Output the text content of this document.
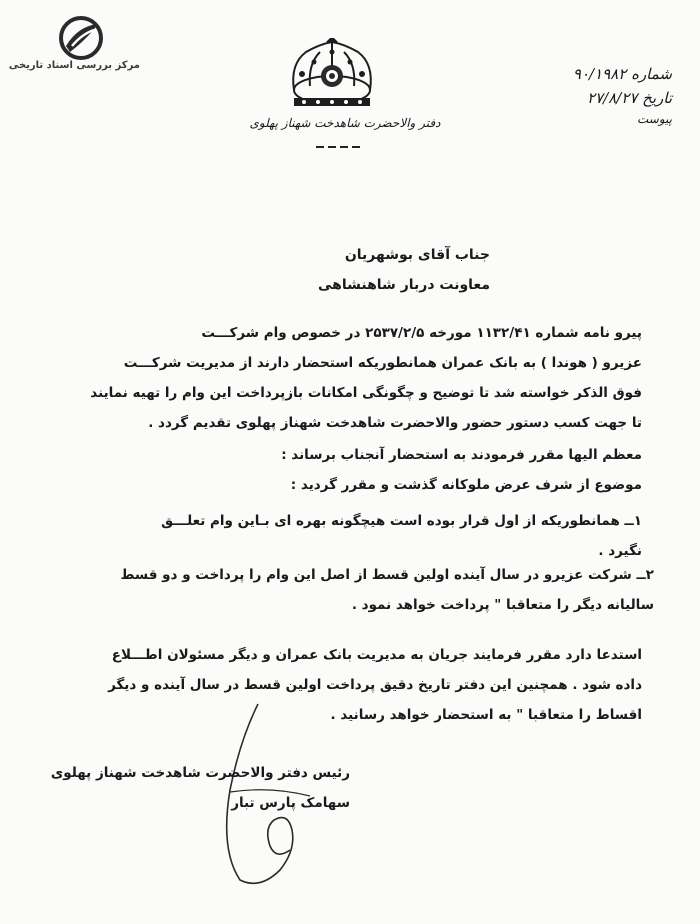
مرکز بررسی اسناد تاریخی
دفتر والاحضرت شاهدخت شهناز پهلوی
شماره ۹۰/۱۹۸۲
تاریخ ۲۷/۸/۲۷
پیوست
جناب آقای بوشهریان
معاونت دربار شاهنشاهی
پیرو نامه شماره ۱۱۳۲/۴۱ مورخه ۲۵۳۷/۲/۵ در خصوص وام شرکـــت
عزیرو ( هوندا ) به بانک عمران همانطوریکه استحضار دارند از مدیریت شرکـــت
فوق الذکر خواسته شد تا توضیح و چگونگی امکانات بازپرداخت این وام را تهیه نمایند
تا جهت کسب دستور حضور والاحضرت شاهدخت شهناز پهلوی تقدیم گردد .
معظم الیها مقرر فرمودند به استحضار آنجناب برساند :
موضوع از شرف عرض ملوکانه گذشت و مقرر گردید :
۱ــ همانطوریکه از اول قرار بوده است هیچگونه بهره ای بـاین وام تعلـــق
نگیرد .
۲ــ شرکت عزیرو در سال آینده اولین قسط از اصل این وام را پرداخت و دو قسط
سالیانه دیگر را متعاقبا " پرداخت خواهد نمود .
استدعا دارد مقرر فرمایند جریان به مدیریت بانک عمران و دیگر مسئولان اطـــلاع
داده شود . همچنین این دفتر تاریخ دقیق پرداخت اولین قسط در سال آینده و دیگر
اقساط را متعاقبا " به استحضار خواهد رسانید .
رئیس دفتر والاحضرت شاهدخت شهناز پهلوی
سهامک پارس تبار
